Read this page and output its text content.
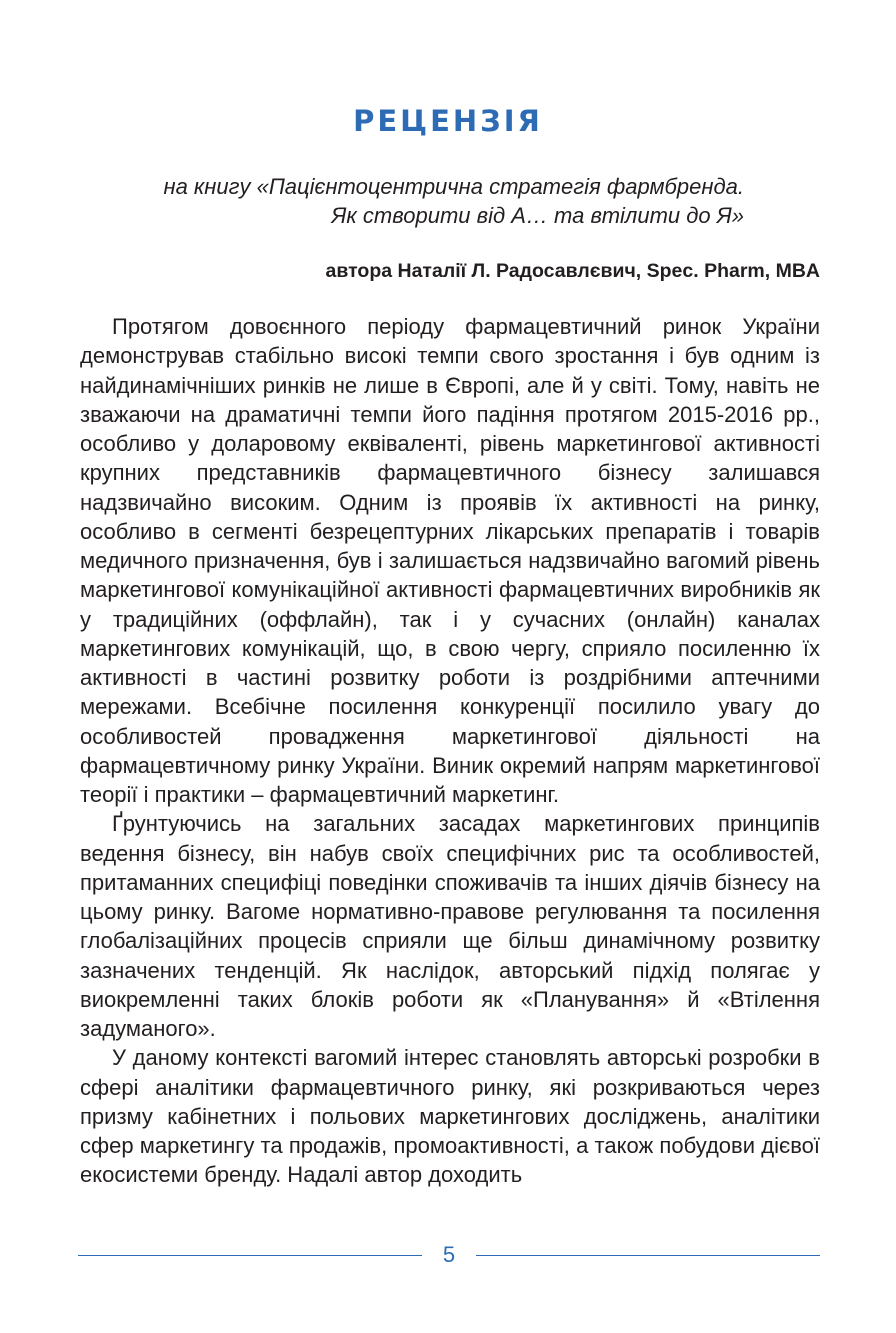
РЕЦЕНЗІЯ
на книгу «Пацієнтоцентрична стратегія фармбренда.
Як створити від А… та втілити до Я»
автора Наталії Л. Радосавлєвич, Spec. Pharm, MBA

Протягом довоєнного періоду фармацевтичний ринок України демонстрував стабільно високі темпи свого зростання і був одним із найдинамічніших ринків не лише в Європі, але й у світі. Тому, навіть не зважаючи на драматичні темпи його падіння протягом 2015-2016 рр., особливо у доларовому еквіваленті, рівень маркетингової активності крупних представників фармацевтичного бізнесу залишався надзвичайно високим. Одним із проявів їх активності на ринку, особливо в сегменті безрецептурних лікарських препаратів і товарів медичного призначення, був і залишається надзвичайно вагомий рівень маркетингової комунікаційної активності фармацевтичних виробників як у традиційних (оффлайн), так і у сучасних (онлайн) каналах маркетингових комунікацій, що, в свою чергу, сприяло посиленню їх активності в частині розвитку роботи із роздрібними аптечними мережами. Всебічне посилення конкуренції посилило увагу до особливостей провадження маркетингової діяльності на фармацевтичному ринку України. Виник окремий напрям маркетингової теорії і практики – фармацевтичний маркетинг.

Ґрунтуючись на загальних засадах маркетингових принципів ведення бізнесу, він набув своїх специфічних рис та особливостей, притаманних специфіці поведінки споживачів та інших діячів бізнесу на цьому ринку. Вагоме нормативно-правове регулювання та посилення глобалізаційних процесів сприяли ще більш динамічному розвитку зазначених тенденцій. Як наслідок, авторський підхід полягає у виокремленні таких блоків роботи як «Планування» й «Втілення задуманого».

У даному контексті вагомий інтерес становлять авторські розробки в сфері аналітики фармацевтичного ринку, які розкриваються через призму кабінетних і польових маркетингових досліджень, аналітики сфер маркетингу та продажів, промоактивності, а також побудови дієвої екосистеми бренду. Надалі автор доходить

5
